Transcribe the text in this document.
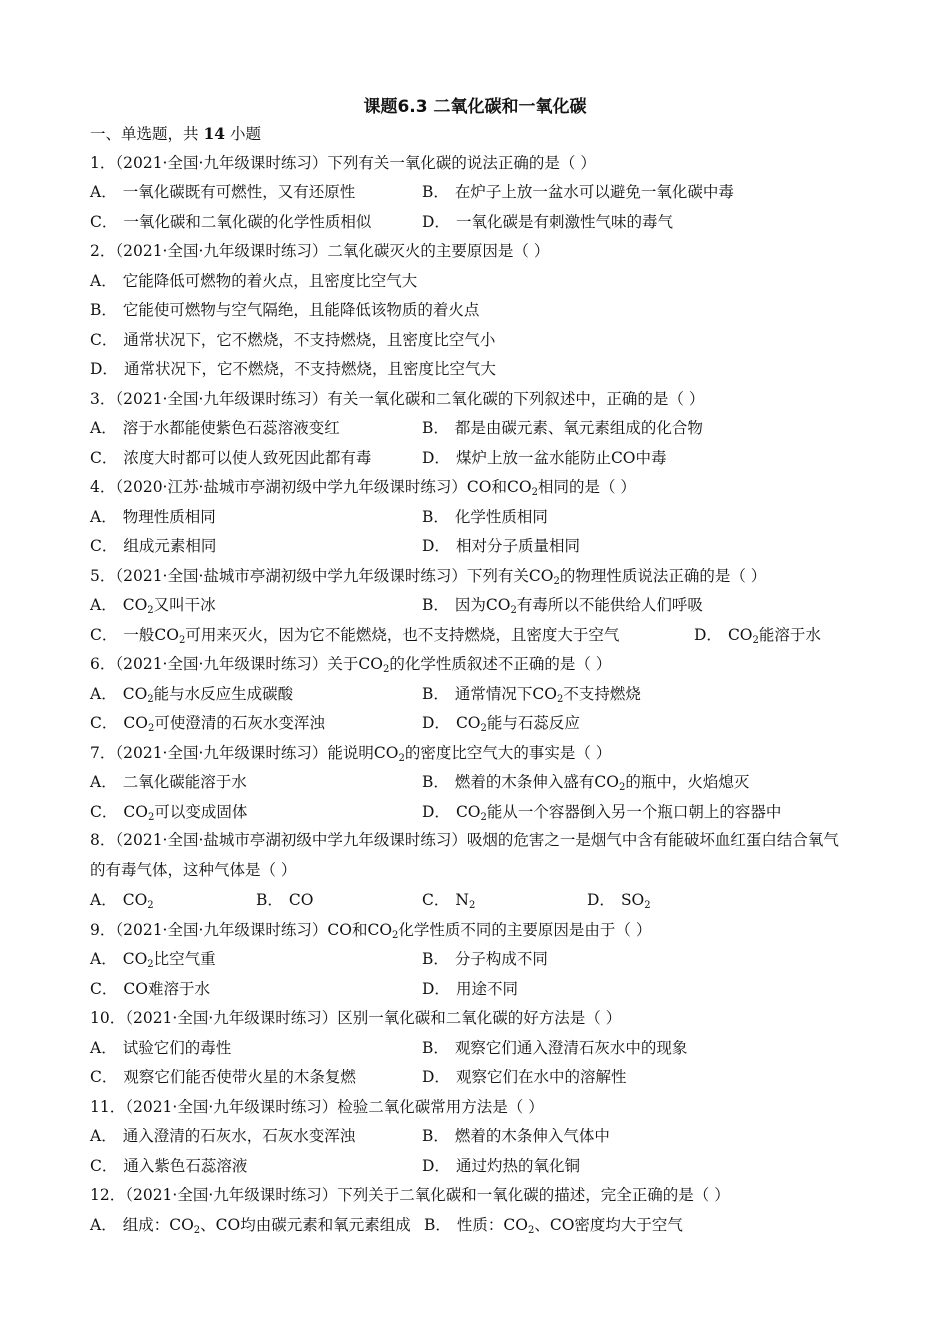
课题6.3 二氧化碳和一氧化碳
一、单选题，共 14 小题
1．（2021·全国·九年级课时练习）下列有关一氧化碳的说法正确的是（ ）
A． 一氧化碳既有可燃性，又有还原性	B． 在炉子上放一盆水可以避免一氧化碳中毒
C． 一氧化碳和二氧化碳的化学性质相似	D． 一氧化碳是有刺激性气味的毒气
2．（2021·全国·九年级课时练习）二氧化碳灭火的主要原因是（ ）
A． 它能降低可燃物的着火点，且密度比空气大
B． 它能使可燃物与空气隔绝，且能降低该物质的着火点
C． 通常状况下，它不燃烧，不支持燃烧，且密度比空气小
D． 通常状况下，它不燃烧，不支持燃烧，且密度比空气大
3．（2021·全国·九年级课时练习）有关一氧化碳和二氧化碳的下列叙述中，正确的是（ ）
A． 溶于水都能使紫色石蕊溶液变红	B． 都是由碳元素、氧元素组成的化合物
C． 浓度大时都可以使人致死因此都有毒	D． 煤炉上放一盆水能防止CO中毒
4．（2020·江苏·盐城市亭湖初级中学九年级课时练习）CO和$CO_2$相同的是（ ）
A． 物理性质相同	B． 化学性质相同
C． 组成元素相同	D． 相对分子质量相同
5．（2021·全国·盐城市亭湖初级中学九年级课时练习）下列有关$CO_2$的物理性质说法正确的是（ ）
A． $CO_2$又叫干冰	B． 因为$CO_2$有毒所以不能供给人们呼吸
C． 一般$CO_2$可用来灭火，因为它不能燃烧，也不支持燃烧，且密度大于空气	D． $CO_2$能溶于水
6．（2021·全国·九年级课时练习）关于$CO_2$的化学性质叙述不正确的是（ ）
A． $CO_2$能与水反应生成碳酸	B． 通常情况下$CO_2$不支持燃烧
C． $CO_2$可使澄清的石灰水变浑浊	D． $CO_2$能与石蕊反应
7．（2021·全国·九年级课时练习）能说明$CO_2$的密度比空气大的事实是（ ）
A． 二氧化碳能溶于水	B． 燃着的木条伸入盛有$CO_2$的瓶中，火焰熄灭
C． $CO_2$可以变成固体	D． $CO_2$能从一个容器倒入另一个瓶口朝上的容器中
8．（2021·全国·盐城市亭湖初级中学九年级课时练习）吸烟的危害之一是烟气中含有能破坏血红蛋白结合氧气的有毒气体，这种气体是（ ）
A． $CO_2$	B． CO	C． $N_2$	D． $SO_2$
9．（2021·全国·九年级课时练习）CO和$CO_2$化学性质不同的主要原因是由于（ ）
A． $CO_2$比空气重	B． 分子构成不同
C． CO难溶于水	D． 用途不同
10．（2021·全国·九年级课时练习）区别一氧化碳和二氧化碳的好方法是（ ）
A． 试验它们的毒性	B． 观察它们通入澄清石灰水中的现象
C． 观察它们能否使带火星的木条复燃	D． 观察它们在水中的溶解性
11．（2021·全国·九年级课时练习）检验二氧化碳常用方法是（ ）
A． 通入澄清的石灰水，石灰水变浑浊	B． 燃着的木条伸入气体中
C． 通入紫色石蕊溶液	D． 通过灼热的氧化铜
12．（2021·全国·九年级课时练习）下列关于二氧化碳和一氧化碳的描述，完全正确的是（ ）
A． 组成：$CO_2$、CO均由碳元素和氧元素组成 B． 性质：$CO_2$、CO密度均大于空气
